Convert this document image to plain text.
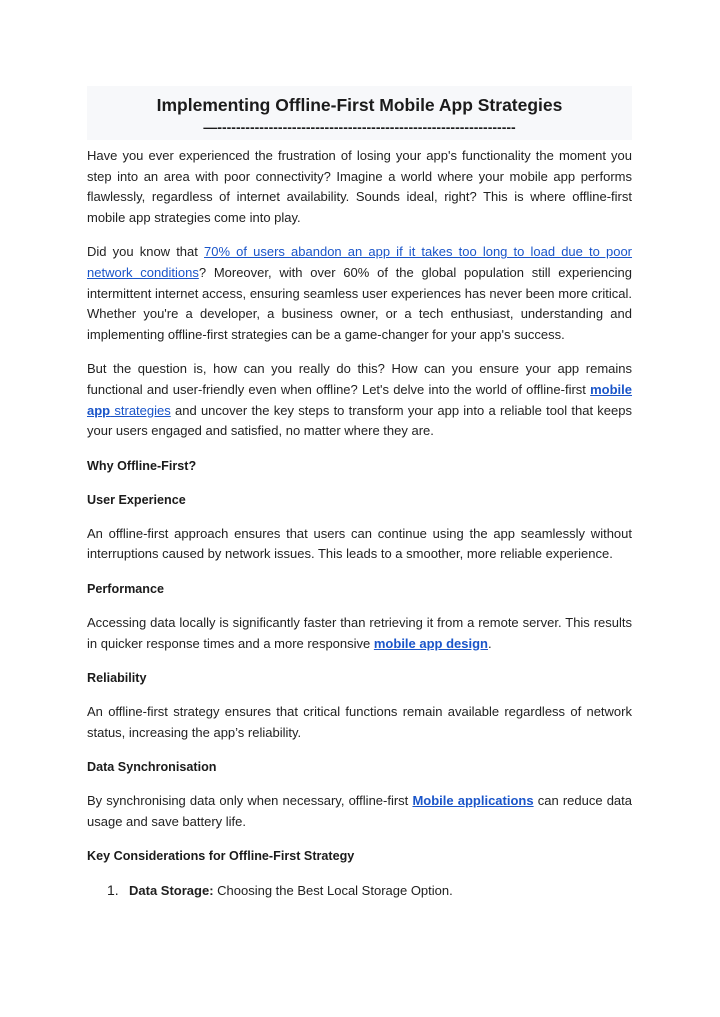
Implementing Offline-First Mobile App Strategies
—----------------------------------------------------------------

Have you ever experienced the frustration of losing your app's functionality the moment you step into an area with poor connectivity? Imagine a world where your mobile app performs flawlessly, regardless of internet availability. Sounds ideal, right? This is where offline-first mobile app strategies come into play.

Did you know that 70% of users abandon an app if it takes too long to load due to poor network conditions? Moreover, with over 60% of the global population still experiencing intermittent internet access, ensuring seamless user experiences has never been more critical. Whether you're a developer, a business owner, or a tech enthusiast, understanding and implementing offline-first strategies can be a game-changer for your app's success.

But the question is, how can you really do this? How can you ensure your app remains functional and user-friendly even when offline? Let's delve into the world of offline-first mobile app strategies and uncover the key steps to transform your app into a reliable tool that keeps your users engaged and satisfied, no matter where they are.

Why Offline-First?
User Experience

An offline-first approach ensures that users can continue using the app seamlessly without interruptions caused by network issues. This leads to a smoother, more reliable experience.

Performance

Accessing data locally is significantly faster than retrieving it from a remote server. This results in quicker response times and a more responsive mobile app design.

Reliability

An offline-first strategy ensures that critical functions remain available regardless of network status, increasing the app’s reliability.

Data Synchronisation

By synchronising data only when necessary, offline-first Mobile applications can reduce data usage and save battery life.

Key Considerations for Offline-First Strategy
1. Data Storage: Choosing the Best Local Storage Option.
